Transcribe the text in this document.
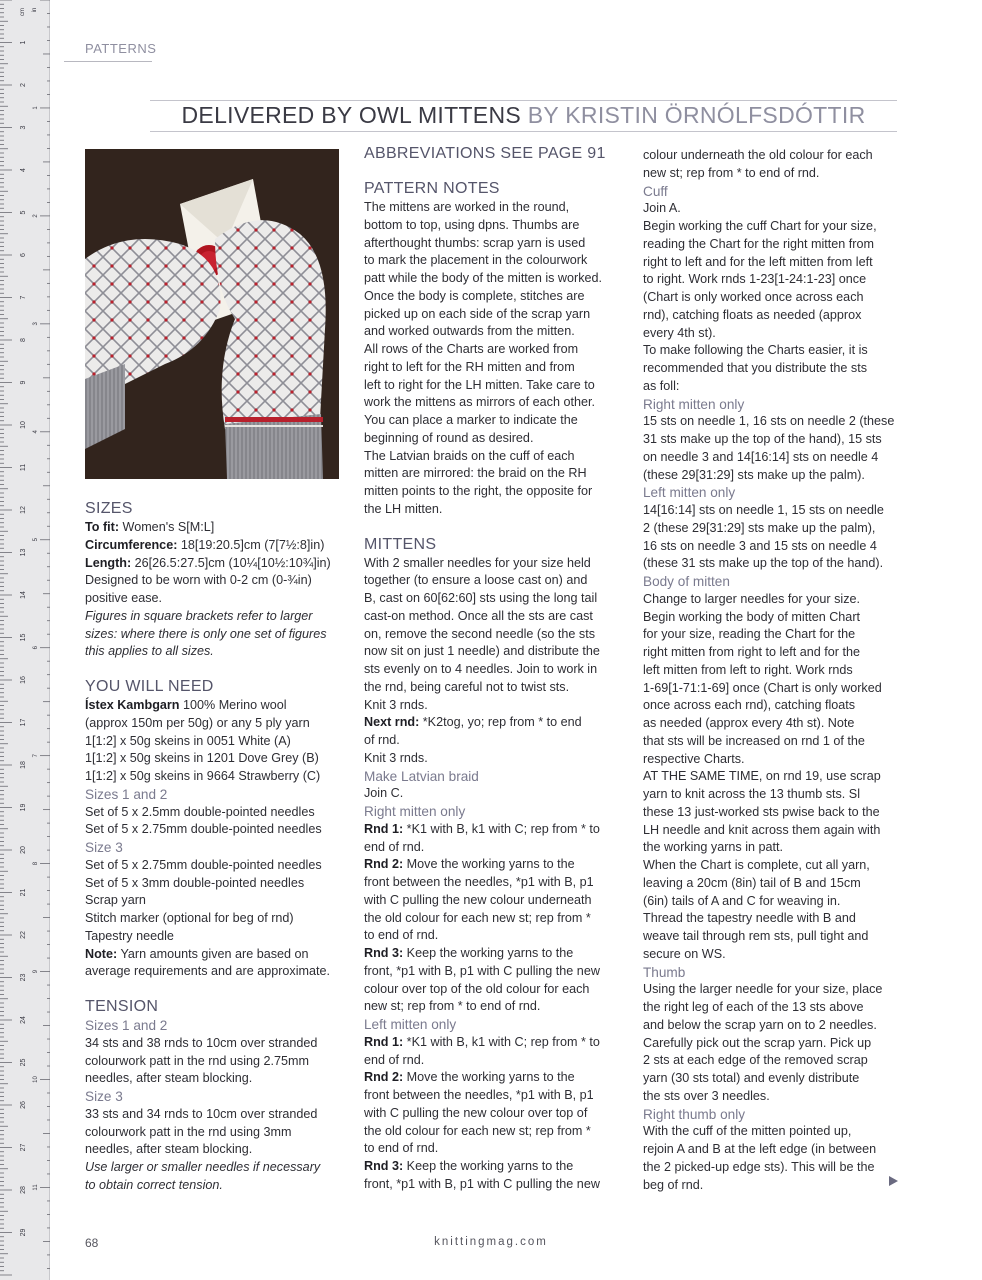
1
2
3
4
5
6
7
8
9
10
11
12
13
14
15
16
17
18
19
20
21
22
23
24
25
26
27
28
29
1
2
3
4
5
6
7
8
9
10
11
cm in
PATTERNS
DELIVERED BY OWL MITTENS BY KRISTIN ÖRNÓLFSDÓTTIR
SIZES

To fit: Women's S[M:L]

Circumference: 18[19:20.5]cm (7[7½:8]in)

Length: 26[26.5:27.5]cm (10¼[10½:10¾]in)

Designed to be worn with 0-2 cm (0-¾in)

positive ease.

Figures in square brackets refer to larger

sizes: where there is only one set of figures

this applies to all sizes.

YOU WILL NEED

Ístex Kambgarn 100% Merino wool

(approx 150m per 50g) or any 5 ply yarn

1[1:2] x 50g skeins in 0051 White (A)

1[1:2] x 50g skeins in 1201 Dove Grey (B)

1[1:2] x 50g skeins in 9664 Strawberry (C)

Sizes 1 and 2

Set of 5 x 2.5mm double-pointed needles

Set of 5 x 2.75mm double-pointed needles

Size 3

Set of 5 x 2.75mm double-pointed needles

Set of 5 x 3mm double-pointed needles

Scrap yarn

Stitch marker (optional for beg of rnd)

Tapestry needle

Note: Yarn amounts given are based on

average requirements and are approximate.

TENSION
Sizes 1 and 2

34 sts and 38 rnds to 10cm over stranded

colourwork patt in the rnd using 2.75mm

needles, after steam blocking.

Size 3

33 sts and 34 rnds to 10cm over stranded

colourwork patt in the rnd using 3mm

needles, after steam blocking.

Use larger or smaller needles if necessary

to obtain correct tension.

ABBREVIATIONS SEE PAGE 91
PATTERN NOTES

The mittens are worked in the round,

bottom to top, using dpns. Thumbs are

afterthought thumbs: scrap yarn is used

to mark the placement in the colourwork

patt while the body of the mitten is worked.

Once the body is complete, stitches are

picked up on each side of the scrap yarn

and worked outwards from the mitten.

All rows of the Charts are worked from

right to left for the RH mitten and from

left to right for the LH mitten. Take care to

work the mittens as mirrors of each other.

You can place a marker to indicate the

beginning of round as desired.

The Latvian braids on the cuff of each

mitten are mirrored: the braid on the RH

mitten points to the right, the opposite for

the LH mitten.

MITTENS

With 2 smaller needles for your size held

together (to ensure a loose cast on) and

B, cast on 60[62:60] sts using the long tail

cast-on method. Once all the sts are cast

on, remove the second needle (so the sts

now sit on just 1 needle) and distribute the

sts evenly on to 4 needles. Join to work in

the rnd, being careful not to twist sts.

Knit 3 rnds.

Next rnd: *K2tog, yo; rep from * to end

of rnd.

Knit 3 rnds.

Make Latvian braid

Join C.

Right mitten only

Rnd 1: *K1 with B, k1 with C; rep from * to

end of rnd.

Rnd 2: Move the working yarns to the

front between the needles, *p1 with B, p1

with C pulling the new colour underneath

the old colour for each new st; rep from *

to end of rnd.

Rnd 3: Keep the working yarns to the

front, *p1 with B, p1 with C pulling the new

colour over top of the old colour for each

new st; rep from * to end of rnd.

Left mitten only

Rnd 1: *K1 with B, k1 with C; rep from * to

end of rnd.

Rnd 2: Move the working yarns to the

front between the needles, *p1 with B, p1

with C pulling the new colour over top of

the old colour for each new st; rep from *

to end of rnd.

Rnd 3: Keep the working yarns to the

front, *p1 with B, p1 with C pulling the new

colour underneath the old colour for each

new st; rep from * to end of rnd.

Cuff

Join A.

Begin working the cuff Chart for your size,

reading the Chart for the right mitten from

right to left and for the left mitten from left

to right. Work rnds 1-23[1-24:1-23] once

(Chart is only worked once across each

rnd), catching floats as needed (approx

every 4th st).

To make following the Charts easier, it is

recommended that you distribute the sts

as foll:

Right mitten only

15 sts on needle 1, 16 sts on needle 2 (these

31 sts make up the top of the hand), 15 sts

on needle 3 and 14[16:14] sts on needle 4

(these 29[31:29] sts make up the palm).

Left mitten only

14[16:14] sts on needle 1, 15 sts on needle

2 (these 29[31:29] sts make up the palm),

16 sts on needle 3 and 15 sts on needle 4

(these 31 sts make up the top of the hand).

Body of mitten

Change to larger needles for your size.

Begin working the body of mitten Chart

for your size, reading the Chart for the

right mitten from right to left and for the

left mitten from left to right. Work rnds

1-69[1-71:1-69] once (Chart is only worked

once across each rnd), catching floats

as needed (approx every 4th st). Note

that sts will be increased on rnd 1 of the

respective Charts.

AT THE SAME TIME, on rnd 19, use scrap

yarn to knit across the 13 thumb sts. Sl

these 13 just-worked sts pwise back to the

LH needle and knit across them again with

the working yarns in patt.

When the Chart is complete, cut all yarn,

leaving a 20cm (8in) tail of B and 15cm

(6in) tails of A and C for weaving in.

Thread the tapestry needle with B and

weave tail through rem sts, pull tight and

secure on WS.

Thumb

Using the larger needle for your size, place

the right leg of each of the 13 sts above

and below the scrap yarn on to 2 needles.

Carefully pick out the scrap yarn. Pick up

2 sts at each edge of the removed scrap

yarn (30 sts total) and evenly distribute

the sts over 3 needles.

Right thumb only

With the cuff of the mitten pointed up,

rejoin A and B at the left edge (in between

the 2 picked-up edge sts). This will be the

beg of rnd.

68	knittingmag.com
